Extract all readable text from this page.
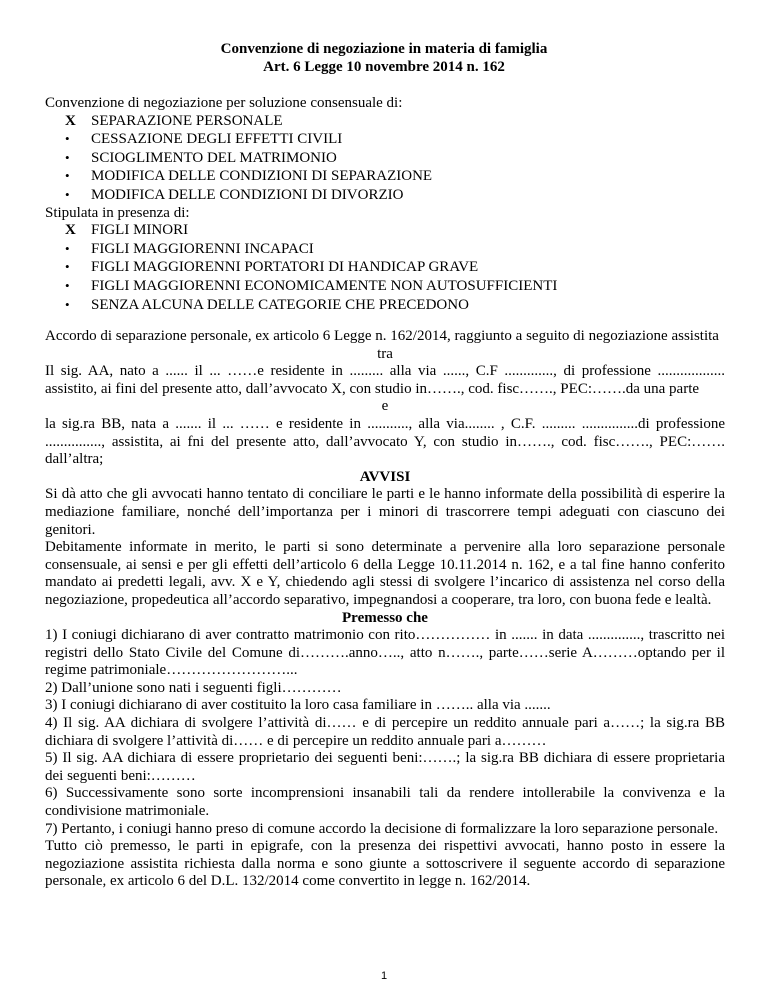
Convenzione di negoziazione in materia di famiglia
Art. 6 Legge 10 novembre 2014 n. 162
Convenzione di negoziazione per soluzione consensuale di:
X	SEPARAZIONE PERSONALE
•	CESSAZIONE DEGLI EFFETTI CIVILI
•	SCIOGLIMENTO DEL MATRIMONIO
•	MODIFICA DELLE CONDIZIONI DI SEPARAZIONE
•	MODIFICA DELLE CONDIZIONI DI DIVORZIO
Stipulata in presenza di:
X	FIGLI MINORI
•	FIGLI MAGGIORENNI INCAPACI
•	FIGLI MAGGIORENNI PORTATORI DI HANDICAP GRAVE
•	FIGLI MAGGIORENNI ECONOMICAMENTE NON AUTOSUFFICIENTI
•	SENZA ALCUNA DELLE CATEGORIE CHE PRECEDONO
Accordo di separazione personale, ex articolo 6 Legge n. 162/2014, raggiunto a seguito di negoziazione assistita
tra
Il sig. AA, nato a ...... il ... ……e residente in ......... alla via ......, C.F ............., di professione .................. assistito, ai fini del presente atto, dall’avvocato X, con studio in……., cod. fisc……., PEC:…….da una parte
e
la sig.ra BB, nata a ....... il ... …… e residente in ..........., alla via........ , C.F. ......... ...............di professione ..............., assistita, ai fni del presente atto, dall’avvocato Y, con studio in……., cod. fisc……., PEC:……. dall’altra;
AVVISI
Si dà atto che gli avvocati hanno tentato di conciliare le parti e le hanno informate della possibilità di esperire la mediazione familiare, nonché dell’importanza per i minori di trascorrere tempi adeguati con ciascuno dei genitori.
Debitamente informate in merito, le parti si sono determinate a pervenire alla loro separazione personale consensuale, ai sensi e per gli effetti dell’articolo 6 della Legge 10.11.2014 n. 162, e a tal fine hanno conferito mandato ai predetti legali, avv. X e Y, chiedendo agli stessi di svolgere l’incarico di assistenza nel corso della negoziazione, propedeutica all’accordo separativo, impegnandosi a cooperare, tra loro, con buona fede e lealtà.
Premesso che
1) I coniugi dichiarano di aver contratto matrimonio con rito…………… in ....... in data .............., trascritto nei registri dello Stato Civile del Comune di……….anno….., atto n……., parte……serie A………optando per il regime patrimoniale……………………...
2) Dall’unione sono nati i seguenti figli…………
3) I coniugi dichiarano di aver costituito la loro casa familiare in …….. alla via .......
4) Il sig. AA dichiara di svolgere l’attività di…… e di percepire un reddito annuale pari a……; la sig.ra BB dichiara di svolgere l’attività di…… e di percepire un reddito annuale pari a………
5) Il sig. AA dichiara di essere proprietario dei seguenti beni:…….; la sig.ra BB dichiara di essere proprietaria dei seguenti beni:………
6) Successivamente sono sorte incomprensioni insanabili tali da rendere intollerabile la convivenza e la condivisione matrimoniale.
7) Pertanto, i coniugi hanno preso di comune accordo la decisione di formalizzare la loro separazione personale.
Tutto ciò premesso, le parti in epigrafe, con la presenza dei rispettivi avvocati, hanno posto in essere la negoziazione assistita richiesta dalla norma e sono giunte a sottoscrivere il seguente accordo di separazione personale, ex articolo 6 del D.L. 132/2014 come convertito in legge n. 162/2014.
1
